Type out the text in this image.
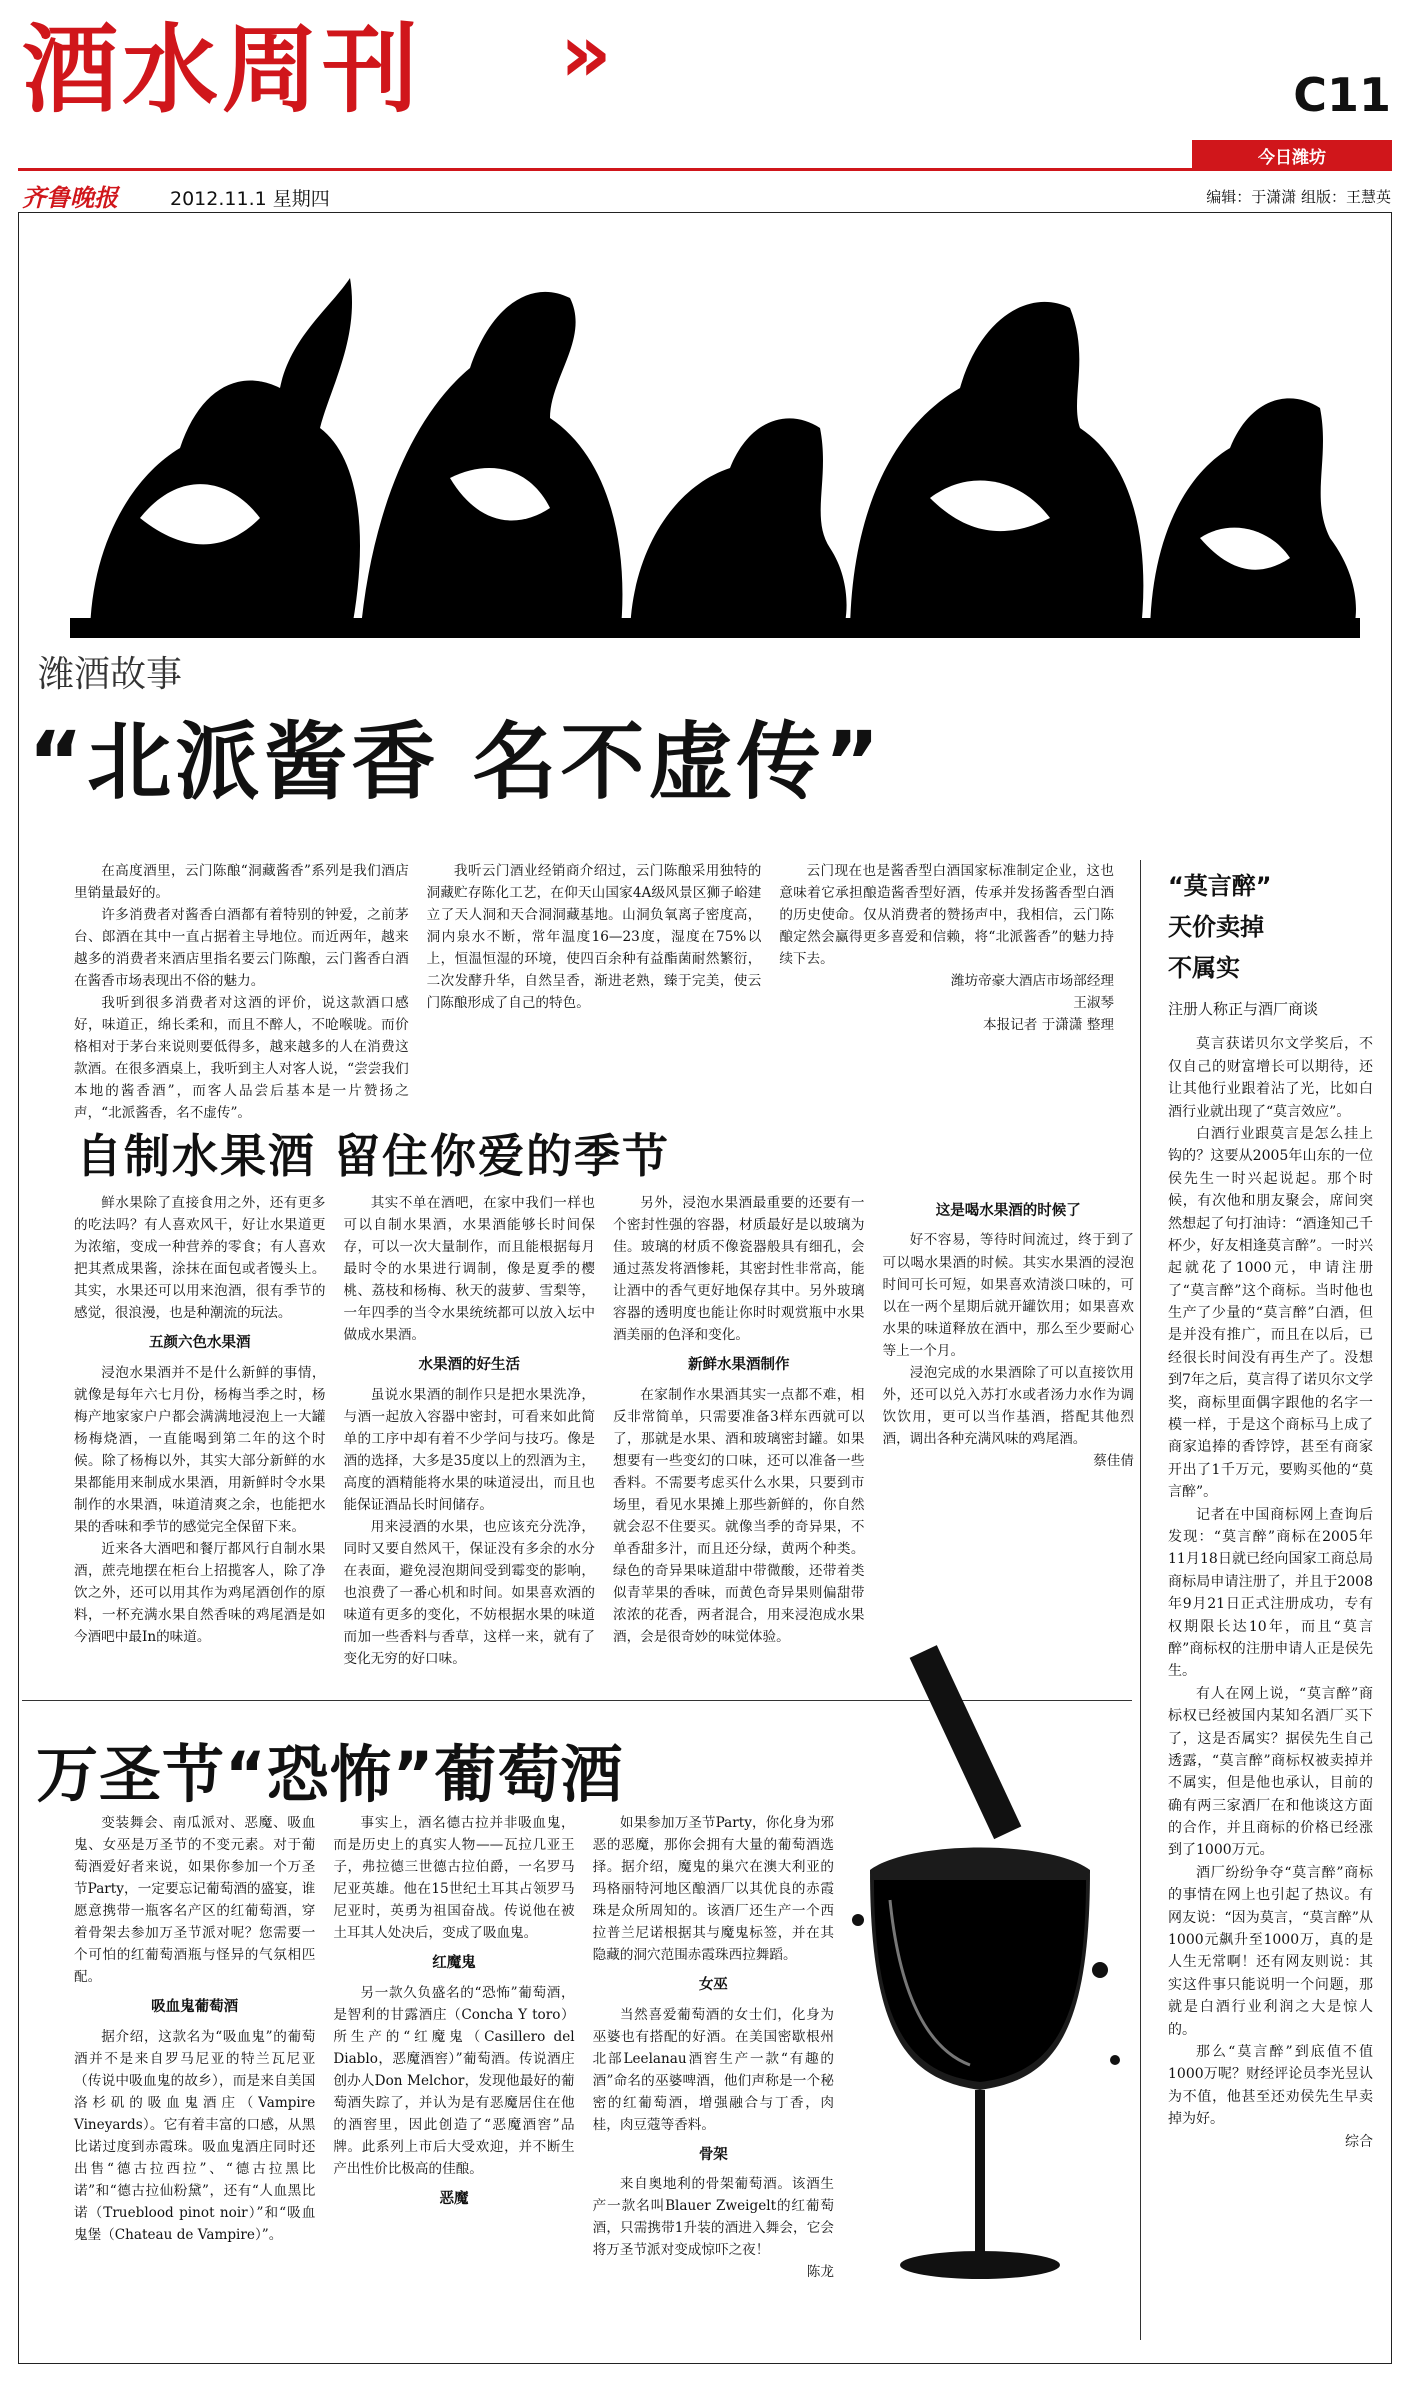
酒水周刊 »	C11
今日潍坊
齐鲁晚报	2012.11.1 星期四	编辑：于潇潇 组版：王慧英
潍酒故事
“北派酱香 名不虚传”

在高度酒里，云门陈酿“洞藏酱香”系列是我们酒店里销量最好的。

许多消费者对酱香白酒都有着特别的钟爱，之前茅台、郎酒在其中一直占据着主导地位。而近两年，越来越多的消费者来酒店里指名要云门陈酿，云门酱香白酒在酱香市场表现出不俗的魅力。

我听到很多消费者对这酒的评价，说这款酒口感好，味道正，绵长柔和，而且不醉人，不呛喉咙。而价格相对于茅台来说则要低得多，越来越多的人在消费这款酒。在很多酒桌上，我听到主人对客人说，“尝尝我们本地的酱香酒”，而客人品尝后基本是一片赞扬之声，“北派酱香，名不虚传”。

我听云门酒业经销商介绍过，云门陈酿采用独特的洞藏贮存陈化工艺，在仰天山国家4A级风景区狮子峪建立了天人洞和天合洞洞藏基地。山洞负氧离子密度高，洞内泉水不断，常年温度16—23度，湿度在75%以上，恒温恒湿的环境，使四百余种有益酯菌耐然繁衍，二次发酵升华，自然呈香，渐进老熟，臻于完美，使云门陈酿形成了自己的特色。

云门现在也是酱香型白酒国家标准制定企业，这也意味着它承担酿造酱香型好酒，传承并发扬酱香型白酒的历史使命。仅从消费者的赞扬声中，我相信，云门陈酿定然会赢得更多喜爱和信赖，将“北派酱香”的魅力持续下去。

潍坊帝豪大酒店市场部经理
王淑琴
本报记者 于潇潇 整理
自制水果酒 留住你爱的季节

鲜水果除了直接食用之外，还有更多的吃法吗？有人喜欢风干，好让水果道更为浓缩，变成一种营养的零食；有人喜欢把其煮成果酱，涂抹在面包或者馒头上。其实，水果还可以用来泡酒，很有季节的感觉，很浪漫，也是种潮流的玩法。

五颜六色水果酒

浸泡水果酒并不是什么新鲜的事情，就像是每年六七月份，杨梅当季之时，杨梅产地家家户户都会满满地浸泡上一大罐杨梅烧酒，一直能喝到第二年的这个时候。除了杨梅以外，其实大部分新鲜的水果都能用来制成水果酒，用新鲜时令水果制作的水果酒，味道清爽之余，也能把水果的香味和季节的感觉完全保留下来。

近来各大酒吧和餐厅都风行自制水果酒，蔗壳地摆在柜台上招揽客人，除了净饮之外，还可以用其作为鸡尾酒创作的原料，一杯充满水果自然香味的鸡尾酒是如今酒吧中最In的味道。

其实不单在酒吧，在家中我们一样也可以自制水果酒，水果酒能够长时间保存，可以一次大量制作，而且能根据每月最时令的水果进行调制，像是夏季的樱桃、荔枝和杨梅、秋天的菠萝、雪梨等，一年四季的当令水果统统都可以放入坛中做成水果酒。

水果酒的好生活

虽说水果酒的制作只是把水果洗净，与酒一起放入容器中密封，可看来如此简单的工序中却有着不少学问与技巧。像是酒的选择，大多是35度以上的烈酒为主，高度的酒精能将水果的味道浸出，而且也能保证酒品长时间储存。

用来浸酒的水果，也应该充分洗净，同时又要自然风干，保证没有多余的水分在表面，避免浸泡期间受到霉变的影响，也浪费了一番心机和时间。如果喜欢酒的味道有更多的变化，不妨根据水果的味道而加一些香料与香草，这样一来，就有了变化无穷的好口味。

另外，浸泡水果酒最重要的还要有一个密封性强的容器，材质最好是以玻璃为佳。玻璃的材质不像瓷器般具有细孔，会通过蒸发将酒惨耗，其密封性非常高，能让酒中的香气更好地保存其中。另外玻璃容器的透明度也能让你时时观赏瓶中水果酒美丽的色泽和变化。

新鲜水果酒制作

在家制作水果酒其实一点都不难，相反非常简单，只需要准备3样东西就可以了，那就是水果、酒和玻璃密封罐。如果想要有一些变幻的口味，还可以准备一些香料。不需要考虑买什么水果，只要到市场里，看见水果摊上那些新鲜的，你自然就会忍不住要买。就像当季的奇异果，不单香甜多汁，而且还分绿，黄两个种类。绿色的奇异果味道甜中带微酸，还带着类似青苹果的香味，而黄色奇异果则偏甜带浓浓的花香，两者混合，用来浸泡成水果酒，会是很奇妙的味觉体验。

这是喝水果酒的时候了

好不容易，等待时间流过，终于到了可以喝水果酒的时候。其实水果酒的浸泡时间可长可短，如果喜欢清淡口味的，可以在一两个星期后就开罐饮用；如果喜欢水果的味道释放在酒中，那么至少要耐心等上一个月。

浸泡完成的水果酒除了可以直接饮用外，还可以兑入苏打水或者汤力水作为调饮饮用，更可以当作基酒，搭配其他烈酒，调出各种充满风味的鸡尾酒。

蔡佳倩
“莫言醉”
天价卖掉
不属实
注册人称正与酒厂商谈

莫言获诺贝尔文学奖后，不仅自己的财富增长可以期待，还让其他行业跟着沾了光，比如白酒行业就出现了“莫言效应”。

白酒行业跟莫言是怎么挂上钩的？这要从2005年山东的一位侯先生一时兴起说起。那个时候，有次他和朋友聚会，席间突然想起了句打油诗：“酒逢知己千杯少，好友相逢莫言醉”。一时兴起就花了1000元，申请注册了“莫言醉”这个商标。当时他也生产了少量的“莫言醉”白酒，但是并没有推广，而且在以后，已经很长时间没有再生产了。没想到7年之后，莫言得了诺贝尔文学奖，商标里面偶字跟他的名字一模一样，于是这个商标马上成了商家追捧的香饽饽，甚至有商家开出了1千万元，要购买他的“莫言醉”。

记者在中国商标网上查询后发现：“莫言醉”商标在2005年11月18日就已经向国家工商总局商标局申请注册了，并且于2008年9月21日正式注册成功，专有权期限长达10年，而且“莫言醉”商标权的注册申请人正是侯先生。

有人在网上说，“莫言醉”商标权已经被国内某知名酒厂买下了，这是否属实？据侯先生自己透露，“莫言醉”商标权被卖掉并不属实，但是他也承认，目前的确有两三家酒厂在和他谈这方面的合作，并且商标的价格已经涨到了1000万元。

酒厂纷纷争夺“莫言醉”商标的事情在网上也引起了热议。有网友说：“因为莫言，“莫言醉”从1000元飙升至1000万，真的是人生无常啊！还有网友则说：其实这件事只能说明一个问题，那就是白酒行业利润之大是惊人的。

那么“莫言醉”到底值不值1000万呢？财经评论员李光昱认为不值，他甚至还劝侯先生早卖掉为好。

综合
万圣节“恐怖”葡萄酒

变装舞会、南瓜派对、恶魔、吸血鬼、女巫是万圣节的不变元素。对于葡萄酒爱好者来说，如果你参加一个万圣节Party，一定要忘记葡萄酒的盛宴，谁愿意携带一瓶客名产区的红葡萄酒，穿着骨架去参加万圣节派对呢？您需要一个可怕的红葡萄酒瓶与怪异的气氛相匹配。

吸血鬼葡萄酒

据介绍，这款名为“吸血鬼”的葡萄酒并不是来自罗马尼亚的特兰瓦尼亚（传说中吸血鬼的故乡），而是来自美国洛杉矶的吸血鬼酒庄（Vampire Vineyards）。它有着丰富的口感，从黑比诺过度到赤霞珠。吸血鬼酒庄同时还出售“德古拉西拉”、“德古拉黑比诺”和“德古拉仙粉黛”，还有“人血黑比诺（Trueblood pinot noir）”和“吸血鬼堡（Chateau de Vampire）”。

事实上，酒名德古拉并非吸血鬼，而是历史上的真实人物——瓦拉几亚王子，弗拉德三世德古拉伯爵，一名罗马尼亚英雄。他在15世纪土耳其占领罗马尼亚时，英勇为祖国奋战。传说他在被土耳其人处决后，变成了吸血鬼。

红魔鬼

另一款久负盛名的“恐怖”葡萄酒，是智利的甘露酒庄（Concha Y toro）所生产的“红魔鬼（Casillero del Diablo，恶魔酒窖）”葡萄酒。传说酒庄创办人Don Melchor，发现他最好的葡萄酒失踪了，并认为是有恶魔居住在他的酒窖里，因此创造了“恶魔酒窖”品牌。此系列上市后大受欢迎，并不断生产出性价比极高的佳酿。

恶魔

如果参加万圣节Party，你化身为邪恶的恶魔，那你会拥有大量的葡萄酒选择。据介绍，魔鬼的巢穴在澳大利亚的玛格丽特河地区酿酒厂以其优良的赤霞珠是众所周知的。该酒厂还生产一个西拉普兰尼诺根据其与魔鬼标签，并在其隐藏的洞穴范围赤霞珠西拉舞蹈。

女巫

当然喜爱葡萄酒的女士们，化身为巫婆也有搭配的好酒。在美国密歇根州北部Leelanau酒窖生产一款“有趣的酒”命名的巫婆啤酒，他们声称是一个秘密的红葡萄酒，增强融合与丁香，肉桂，肉豆蔻等香料。

骨架

来自奥地利的骨架葡萄酒。该酒生产一款名叫Blauer Zweigelt的红葡萄酒，只需携带1升装的酒进入舞会，它会将万圣节派对变成惊吓之夜！

陈龙
